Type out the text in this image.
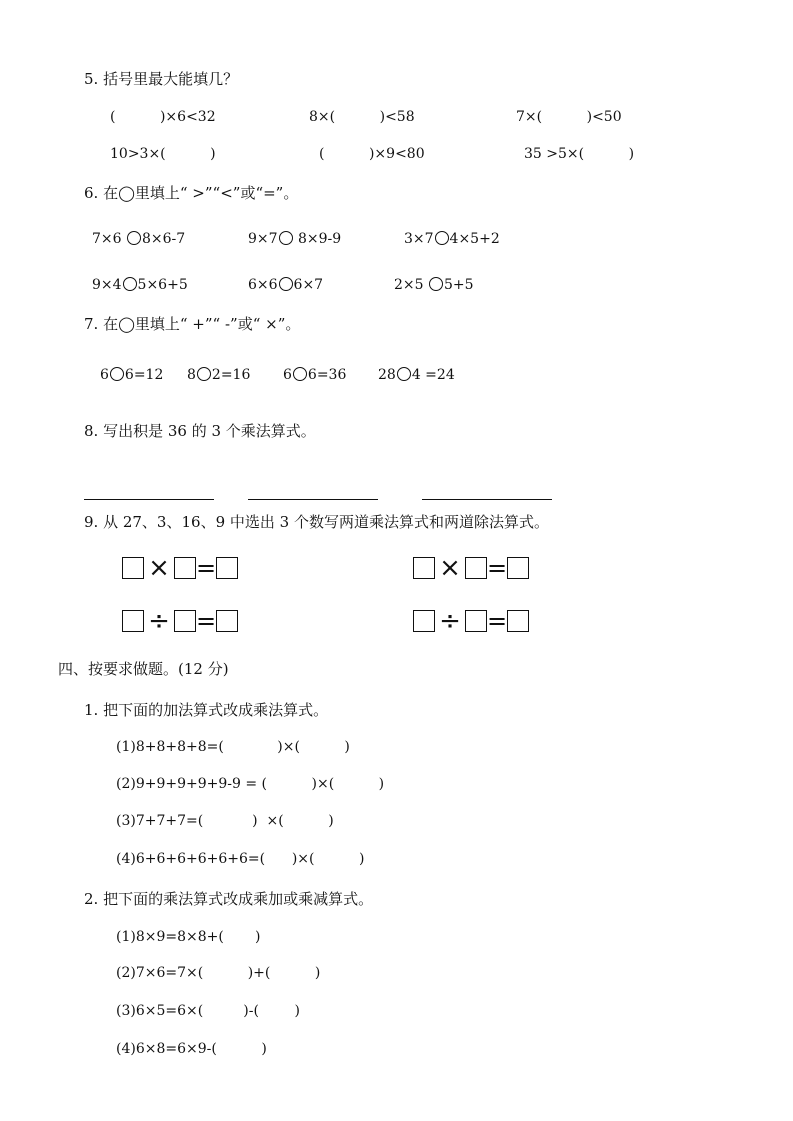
5. 括号里最大能填几？
(          )×6<32	8×(          )<58	7×(          )<50
10>3×(          )	(          )×9<80	35 >5×(          )
6. 在◯里填上“ >”“<”或“=”。
7×6 8×6-7	9×7 8×9-9	3×7 4×5+2
9×4 5×6+5	6×6 6×7	2×5 5+5
7. 在◯里填上“ +”“ -”或“ ×”。
6 6=12 8 2=16 6 6=36 28 4 =24
8. 写出积是 36 的 3 个乘法算式。
9. 从 27、3、16、9 中选出 3 个数写两道乘法算式和两道除法算式。
× =	× =
÷ =	÷ =
四、按要求做题。(12 分)
1. 把下面的加法算式改成乘法算式。
(1)8+8+8+8=(            )×(          )
(2)9+9+9+9+9-9 = (          )×(          )
(3)7+7+7=(           )  ×(          )
(4)6+6+6+6+6+6=(      )×(          )
2. 把下面的乘法算式改成乘加或乘减算式。
(1)8×9=8×8+(       )
(2)7×6=7×(          )+(          )
(3)6×5=6×(         )-(        )
(4)6×8=6×9-(          )
